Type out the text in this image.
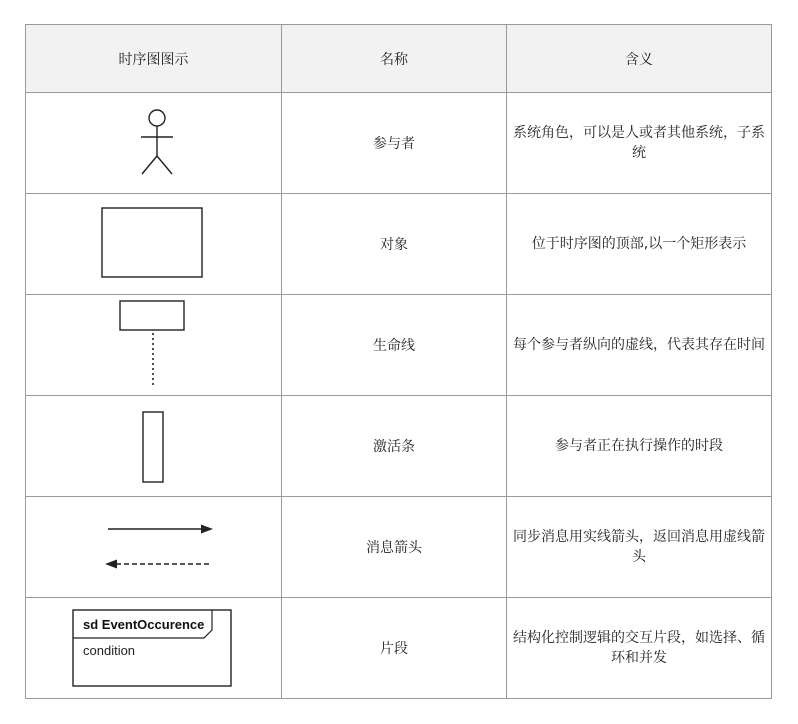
时序图图示	名称	含义

	参与者	系统角色，可以是人或者其他系统，子系统

	对象	位于时序图的顶部,以一个矩形表示

	生命线	每个参与者纵向的虚线，代表其存在时间

	激活条	参与者正在执行操作的时段

	消息箭头	同步消息用实线箭头，返回消息用虚线箭头

sd EventOccurence
condition	片段	结构化控制逻辑的交互片段，如选择、循环和并发
